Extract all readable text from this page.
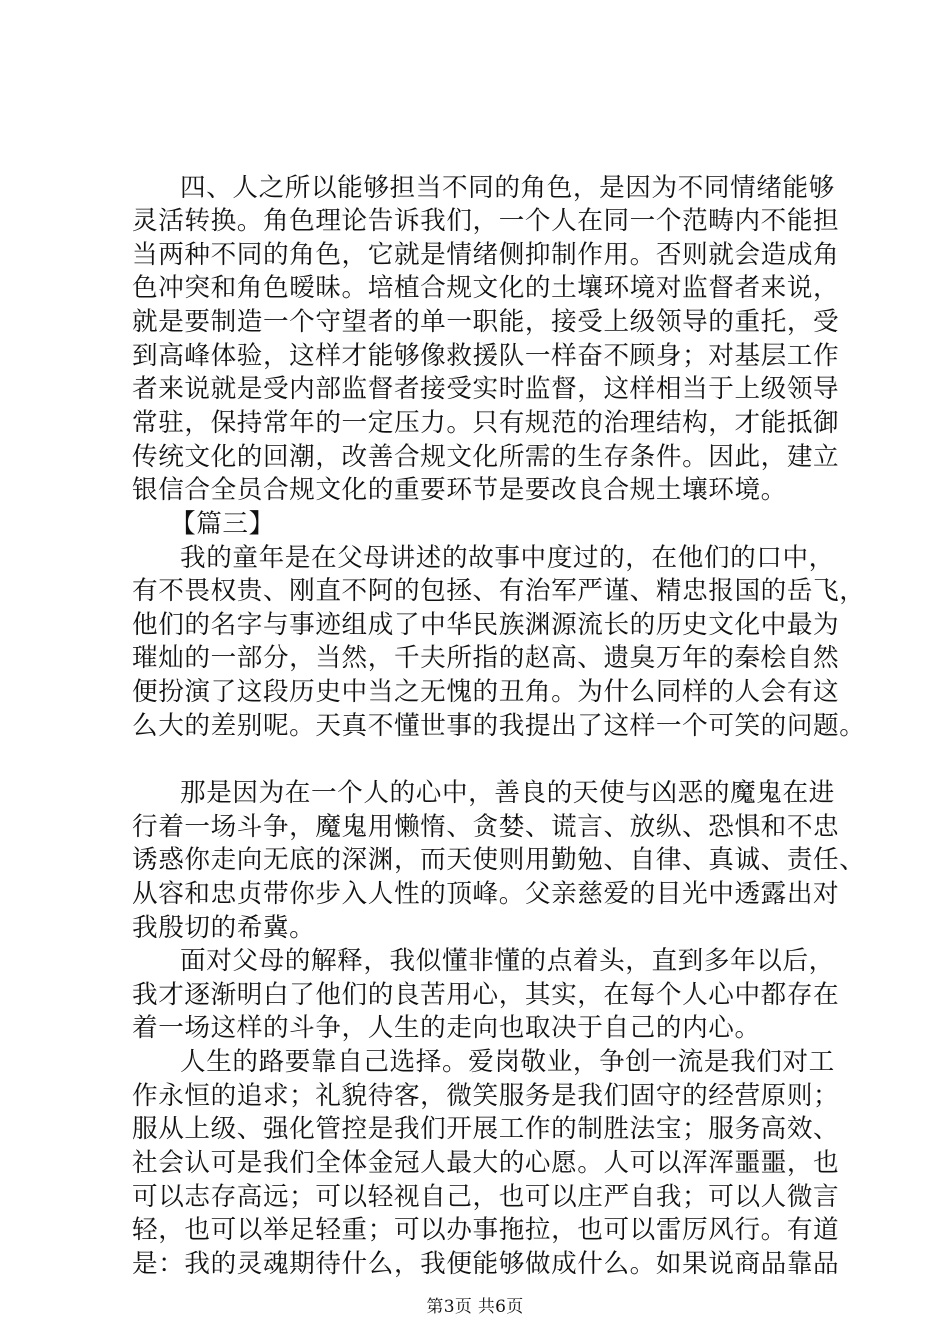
四、人之所以能够担当不同的角色，是因为不同情绪能够
灵活转换。角色理论告诉我们，一个人在同一个范畴内不能担
当两种不同的角色，它就是情绪侧抑制作用。否则就会造成角
色冲突和角色暧昧。培植合规文化的土壤环境对监督者来说，
就是要制造一个守望者的单一职能，接受上级领导的重托，受
到高峰体验，这样才能够像救援队一样奋不顾身；对基层工作
者来说就是受内部监督者接受实时监督，这样相当于上级领导
常驻，保持常年的一定压力。只有规范的治理结构，才能抵御
传统文化的回潮，改善合规文化所需的生存条件。因此，建立
银信合全员合规文化的重要环节是要改良合规土壤环境。
【篇三】
我的童年是在父母讲述的故事中度过的，在他们的口中，
有不畏权贵、刚直不阿的包拯、有治军严谨、精忠报国的岳飞，
他们的名字与事迹组成了中华民族渊源流长的历史文化中最为
璀灿的一部分，当然，千夫所指的赵高、遗臭万年的秦桧自然
便扮演了这段历史中当之无愧的丑角。为什么同样的人会有这
么大的差别呢。天真不懂世事的我提出了这样一个可笑的问题。
那是因为在一个人的心中，善良的天使与凶恶的魔鬼在进
行着一场斗争，魔鬼用懒惰、贪婪、谎言、放纵、恐惧和不忠
诱惑你走向无底的深渊，而天使则用勤勉、自律、真诚、责任、
从容和忠贞带你步入人性的顶峰。父亲慈爱的目光中透露出对
我殷切的希冀。
面对父母的解释，我似懂非懂的点着头，直到多年以后，
我才逐渐明白了他们的良苦用心，其实，在每个人心中都存在
着一场这样的斗争，人生的走向也取决于自己的内心。
人生的路要靠自己选择。爱岗敬业，争创一流是我们对工
作永恒的追求；礼貌待客，微笑服务是我们固守的经营原则；
服从上级、强化管控是我们开展工作的制胜法宝；服务高效、
社会认可是我们全体金冠人最大的心愿。人可以浑浑噩噩，也
可以志存高远；可以轻视自己，也可以庄严自我；可以人微言
轻，也可以举足轻重；可以办事拖拉，也可以雷厉风行。有道
是：我的灵魂期待什么，我便能够做成什么。如果说商品靠品
第3页 共6页
